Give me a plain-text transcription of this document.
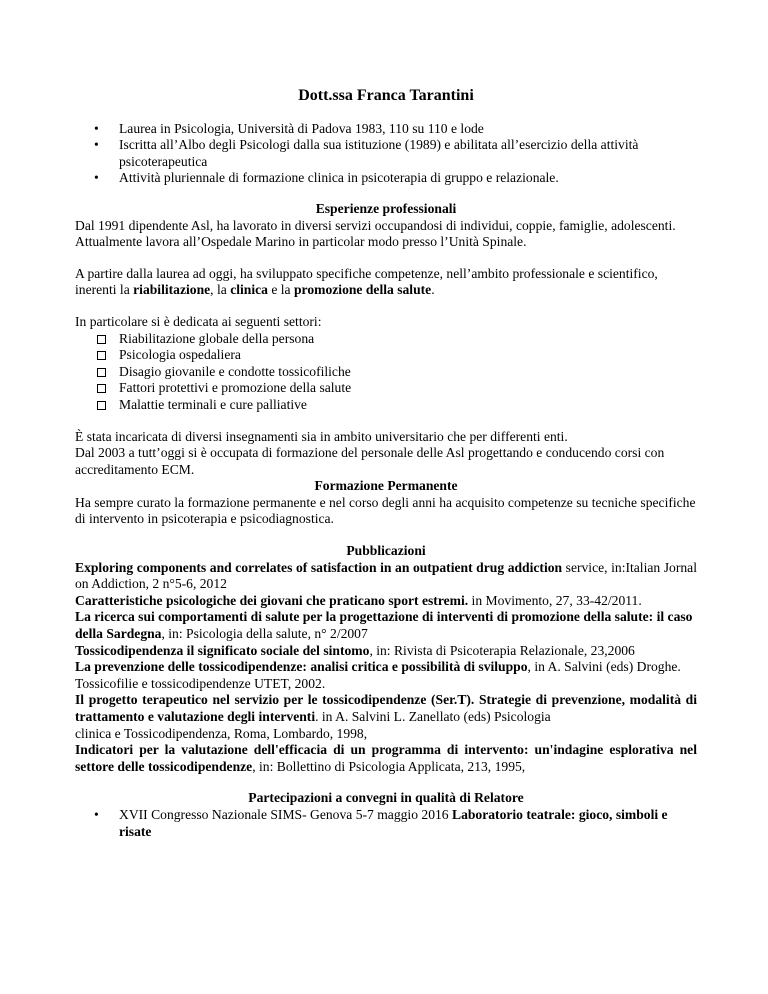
Dott.ssa Franca Tarantini
• Laurea in Psicologia, Università di Padova 1983, 110 su 110 e lode
• Iscritta all’Albo degli Psicologi dalla sua istituzione (1989) e abilitata all’esercizio della attività psicoterapeutica
• Attività pluriennale di formazione clinica in psicoterapia di gruppo e relazionale.
Esperienze professionali

Dal 1991 dipendente Asl, ha lavorato in diversi servizi occupandosi di individui, coppie, famiglie, adolescenti. Attualmente lavora all’Ospedale Marino in particolar modo presso l’Unità Spinale.

A partire dalla laurea ad oggi, ha sviluppato specifiche competenze, nell’ambito professionale e scientifico, inerenti la riabilitazione, la clinica e la promozione della salute.

In particolare si è dedicata ai seguenti settori:

Riabilitazione globale della persona
Psicologia ospedaliera
Disagio giovanile e condotte tossicofiliche
Fattori protettivi e promozione della salute
Malattie terminali e cure palliative

È stata incaricata di diversi insegnamenti sia in ambito universitario che per differenti enti.

Dal 2003 a tutt’oggi si è occupata di formazione del personale delle Asl progettando e conducendo corsi con accreditamento ECM.

Formazione Permanente

Ha sempre curato la formazione permanente e nel corso degli anni ha acquisito competenze su tecniche specifiche di intervento in psicoterapia e psicodiagnostica.

Pubblicazioni

Exploring components and correlates of satisfaction in an outpatient drug addiction service, in:Italian Jornal on Addiction, 2 n°5-6, 2012

Caratteristiche psicologiche dei giovani che praticano sport estremi. in Movimento, 27, 33-42/2011.

La ricerca sui comportamenti di salute per la progettazione di interventi di promozione della salute: il caso della Sardegna, in: Psicologia della salute, n° 2/2007

Tossicodipendenza il significato sociale del sintomo, in: Rivista di Psicoterapia Relazionale, 23,2006

La prevenzione delle tossicodipendenze: analisi critica e possibilità di sviluppo, in A. Salvini (eds) Droghe. Tossicofilie e tossicodipendenze UTET, 2002.

Il progetto terapeutico nel servizio per le tossicodipendenze (Ser.T). Strategie di prevenzione, modalità di trattamento e valutazione degli interventi. in A. Salvini L. Zanellato (eds) Psicologia

clinica e Tossicodipendenza, Roma, Lombardo, 1998,

Indicatori per la valutazione dell'efficacia di un programma di intervento: un'indagine esplorativa nel settore delle tossicodipendenze, in: Bollettino di Psicologia Applicata, 213, 1995,

Partecipazioni a convegni in qualità di Relatore
• XVII Congresso Nazionale SIMS- Genova 5-7 maggio 2016 Laboratorio teatrale: gioco, simboli e risate
